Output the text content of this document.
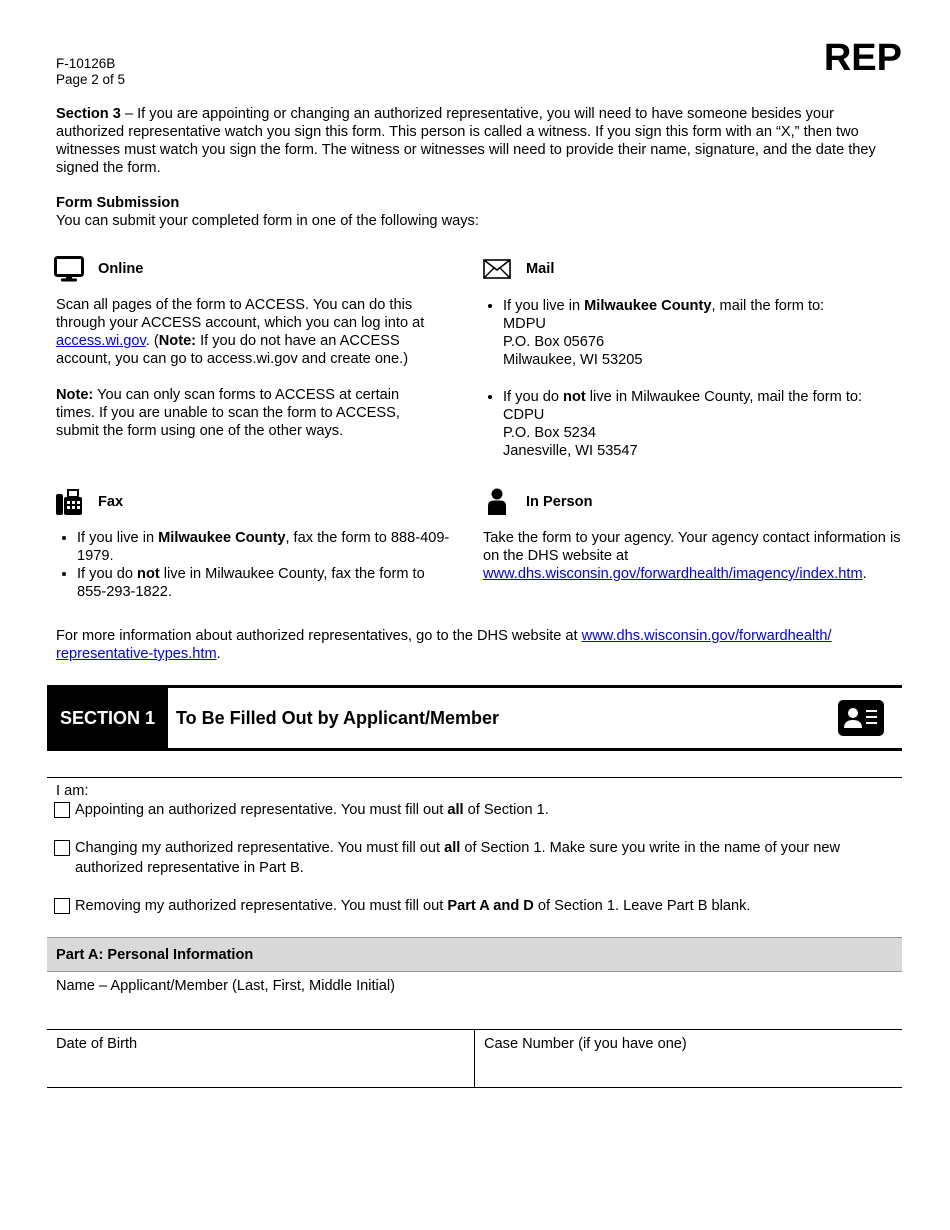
F-10126B
Page 2 of 5
REP

Section 3 – If you are appointing or changing an authorized representative, you will need to have someone besides your authorized representative watch you sign this form. This person is called a witness. If you sign this form with an “X,” then two witnesses must watch you sign the form. The witness or witnesses will need to provide their name, signature, and the date they signed the form.

Form Submission
You can submit your completed form in one of the following ways:
Online

Scan all pages of the form to ACCESS. You can do this through your ACCESS account, which you can log into at access.wi.gov. (Note: If you do not have an ACCESS account, you can go to access.wi.gov and create one.)

Note: You can only scan forms to ACCESS at certain times. If you are unable to scan the form to ACCESS, submit the form using one of the other ways.

Mail
• If you live in Milwaukee County, mail the form to:
MDPU
P.O. Box 05676
Milwaukee, WI 53205
• If you do not live in Milwaukee County, mail the form to:
CDPU
P.O. Box 5234
Janesville, WI 53547
Fax
• If you live in Milwaukee County, fax the form to 888-409-1979.
• If you do not live in Milwaukee County, fax the form to 855-293-1822.
In Person

Take the form to your agency. Your agency contact information is on the DHS website at www.dhs.wisconsin.gov/forwardhealth/imagency/index.htm.

For more information about authorized representatives, go to the DHS website at www.dhs.wisconsin.gov/forwardhealth/
representative-types.htm.

SECTION 1	To Be Filled Out by Applicant/Member
I am:
Appointing an authorized representative. You must fill out all of Section 1.
Changing my authorized representative. You must fill out all of Section 1. Make sure you write in the name of your new authorized representative in Part B.
Removing my authorized representative. You must fill out Part A and D of Section 1. Leave Part B blank.
Part A: Personal Information
Name – Applicant/Member (Last, First, Middle Initial)
Date of Birth	Case Number (if you have one)
